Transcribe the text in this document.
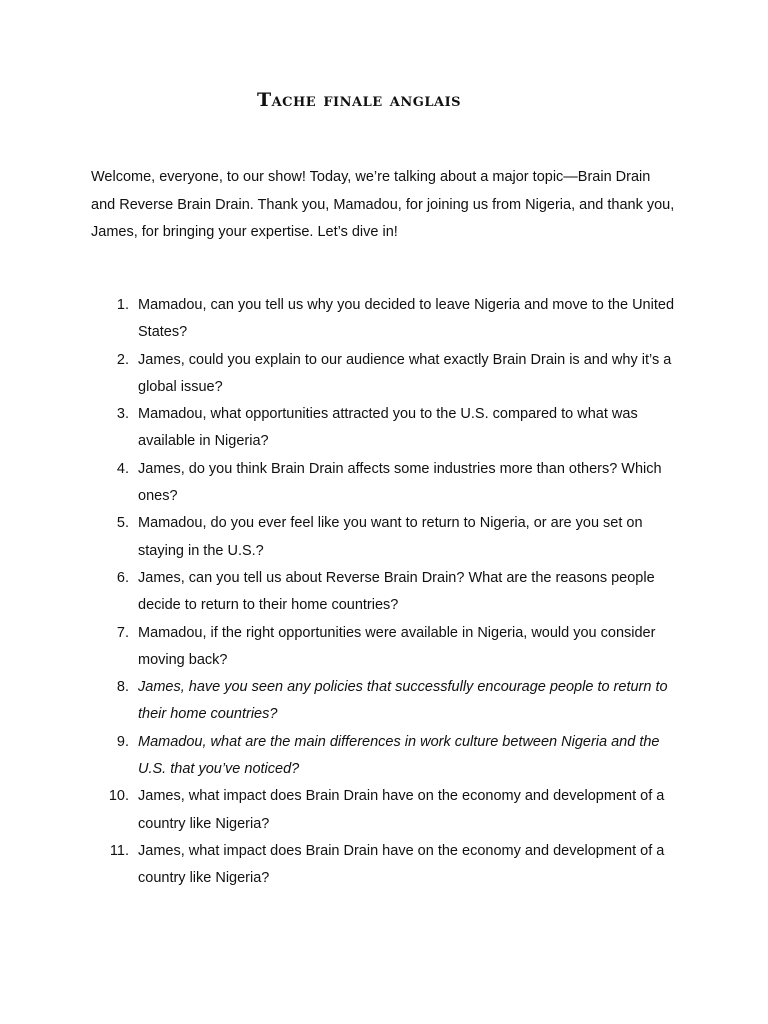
Tache finale anglais

Welcome, everyone, to our show! Today, we’re talking about a major topic—Brain Drain and Reverse Brain Drain. Thank you, Mamadou, for joining us from Nigeria, and thank you, James, for bringing your expertise. Let’s dive in!

1. Mamadou, can you tell us why you decided to leave Nigeria and move to the United States?
2. James, could you explain to our audience what exactly Brain Drain is and why it’s a global issue?
3. Mamadou, what opportunities attracted you to the U.S. compared to what was available in Nigeria?
4. James, do you think Brain Drain affects some industries more than others? Which ones?
5. Mamadou, do you ever feel like you want to return to Nigeria, or are you set on staying in the U.S.?
6. James, can you tell us about Reverse Brain Drain? What are the reasons people decide to return to their home countries?
7. Mamadou, if the right opportunities were available in Nigeria, would you consider moving back?
8. James, have you seen any policies that successfully encourage people to return to their home countries?
9. Mamadou, what are the main differences in work culture between Nigeria and the U.S. that you’ve noticed?
10. James, what impact does Brain Drain have on the economy and development of a country like Nigeria?
11. James, what impact does Brain Drain have on the economy and development of a country like Nigeria?
